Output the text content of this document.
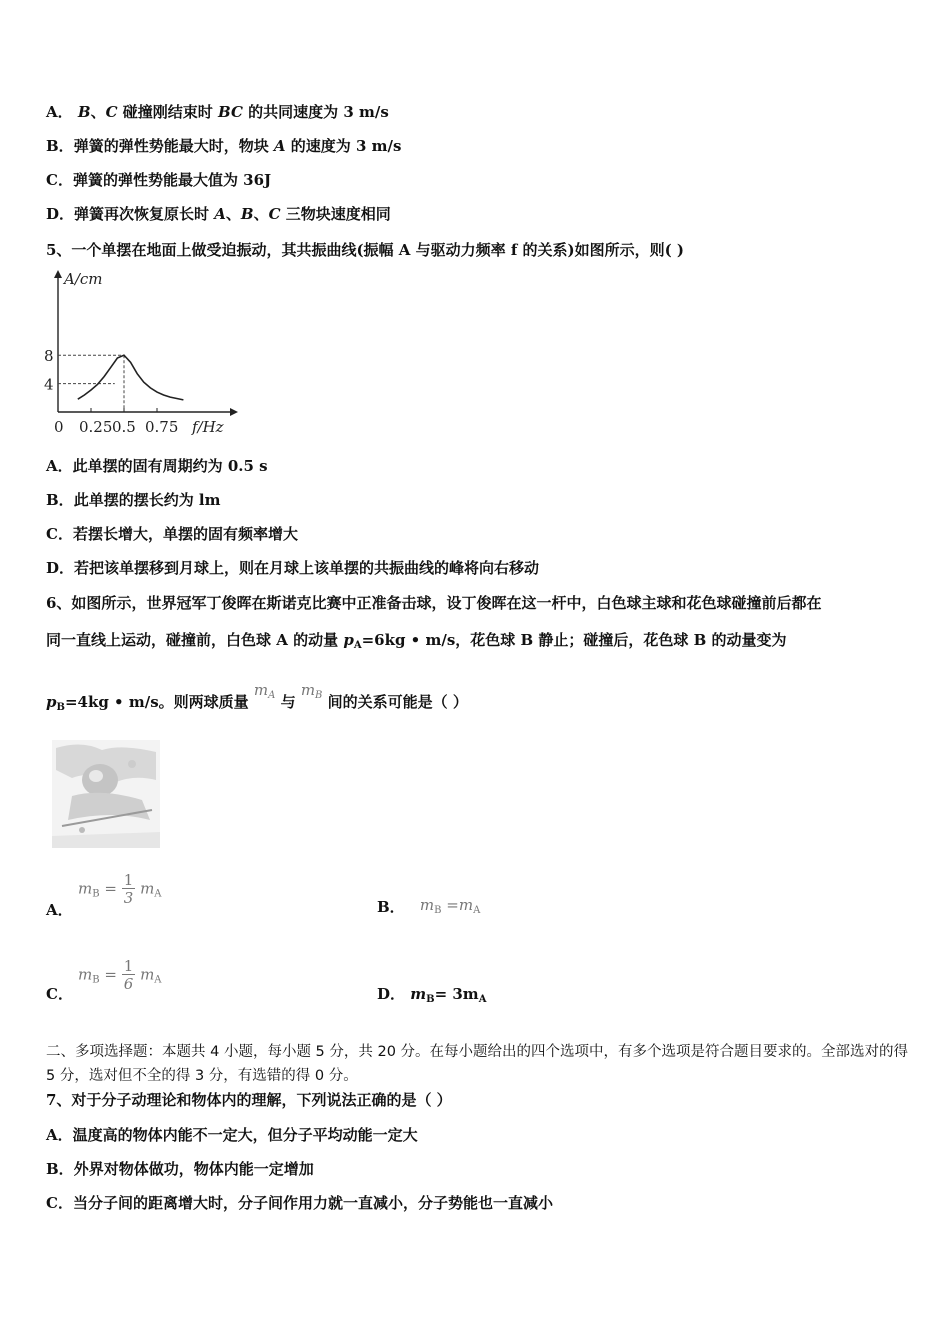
A． B、C 碰撞刚结束时 BC 的共同速度为 3 m/s
B．弹簧的弹性势能最大时，物块 A 的速度为 3 m/s
C．弹簧的弹性势能最大值为 36J
D．弹簧再次恢复原长时 A、B、C 三物块速度相同
5、一个单摆在地面上做受迫振动，其共振曲线(振幅 A 与驱动力频率 f 的关系)如图所示，则( )
A/cm
f/Hz
0 0.25 0.5 0.75
8
4
A．此单摆的固有周期约为 0.5 s
B．此单摆的摆长约为 lm
C．若摆长增大，单摆的固有频率增大
D．若把该单摆移到月球上，则在月球上该单摆的共振曲线的峰将向右移动
6、如图所示，世界冠军丁俊晖在斯诺克比赛中正准备击球，设丁俊晖在这一杆中，白色球主球和花色球碰撞前后都在
同一直线上运动，碰撞前，白色球 A 的动量 $p_A=6kg$ • m/s，花色球 B 静止；碰撞后，花色球 B 的动量变为
$p_B=4kg$ • m/s。则两球质量 $m_A$ 与 $m_B$ 间的关系可能是（ ）
A．
$m_B = \frac{1}{3} m_A$
B． $m_B =m_A$
C．
$m_B = \frac{1}{6} m_A$
D． $m_B= 3m_A$
二、多项选择题：本题共 4 小题，每小题 5 分，共 20 分。在每小题给出的四个选项中，有多个选项是符合题目要求的。全部选对的得 5 分，选对但不全的得 3 分，有选错的得 0 分。
7、对于分子动理论和物体内的理解，下列说法正确的是（ ）
A．温度高的物体内能不一定大，但分子平均动能一定大
B．外界对物体做功，物体内能一定增加
C．当分子间的距离增大时，分子间作用力就一直减小，分子势能也一直减小
